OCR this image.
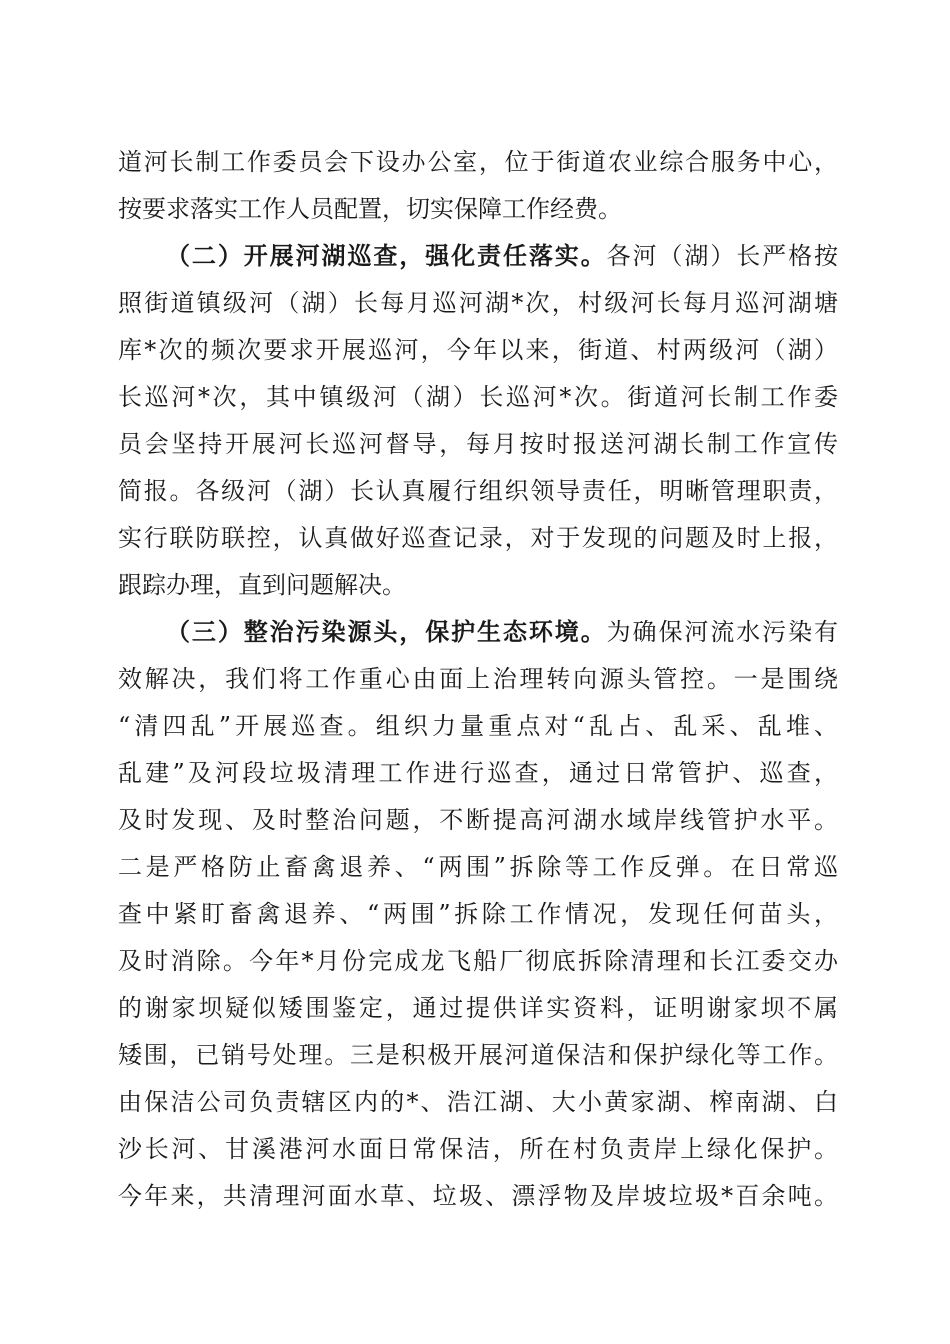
道河长制工作委员会下设办公室，位于街道农业综合服务中心，
按要求落实工作人员配置，切实保障工作经费。
（二）开展河湖巡查，强化责任落实。各河（湖）长严格按
照街道镇级河（湖）长每月巡河湖*次，村级河长每月巡河湖塘
库*次的频次要求开展巡河，今年以来，街道、村两级河（湖）
长巡河*次，其中镇级河（湖）长巡河*次。街道河长制工作委
员会坚持开展河长巡河督导，每月按时报送河湖长制工作宣传
简报。各级河（湖）长认真履行组织领导责任，明晰管理职责，
实行联防联控，认真做好巡查记录，对于发现的问题及时上报，
跟踪办理，直到问题解决。
（三）整治污染源头，保护生态环境。为确保河流水污染有
效解决，我们将工作重心由面上治理转向源头管控。一是围绕
“清四乱”开展巡查。组织力量重点对“乱占、乱采、乱堆、
乱建”及河段垃圾清理工作进行巡查，通过日常管护、巡查，
及时发现、及时整治问题，不断提高河湖水域岸线管护水平。
二是严格防止畜禽退养、“两围”拆除等工作反弹。在日常巡
查中紧盯畜禽退养、“两围”拆除工作情况，发现任何苗头，
及时消除。今年*月份完成龙飞船厂彻底拆除清理和长江委交办
的谢家坝疑似矮围鉴定，通过提供详实资料，证明谢家坝不属
矮围，已销号处理。三是积极开展河道保洁和保护绿化等工作。
由保洁公司负责辖区内的*、浩江湖、大小黄家湖、榨南湖、白
沙长河、甘溪港河水面日常保洁，所在村负责岸上绿化保护。
今年来，共清理河面水草、垃圾、漂浮物及岸坡垃圾*百余吨。
